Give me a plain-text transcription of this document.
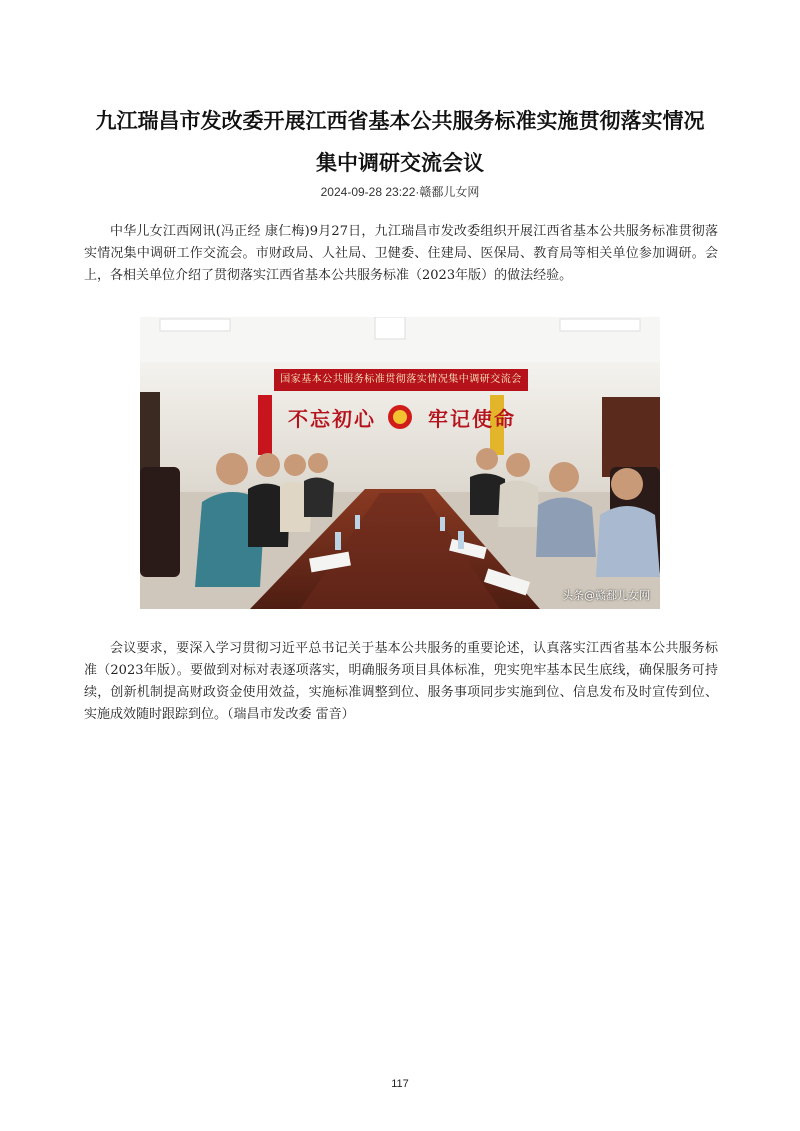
九江瑞昌市发改委开展江西省基本公共服务标准实施贯彻落实情况
集中调研交流会议
2024-09-28 23:22·赣鄱儿女网

中华儿女江西网讯(冯正经 康仁梅)9月27日，九江瑞昌市发改委组织开展江西省基本公共服务标准贯彻落实情况集中调研工作交流会。市财政局、人社局、卫健委、住建局、医保局、教育局等相关单位参加调研。会上，各相关单位介绍了贯彻落实江西省基本公共服务标准（2023年版）的做法经验。

国家基本公共服务标准贯彻落实情况集中调研交流会
不忘初心	牢记使命
头条@赣鄱儿女网

会议要求，要深入学习贯彻习近平总书记关于基本公共服务的重要论述，认真落实江西省基本公共服务标准（2023年版）。要做到对标对表逐项落实，明确服务项目具体标准，兜实兜牢基本民生底线，确保服务可持续，创新机制提高财政资金使用效益，实施标准调整到位、服务事项同步实施到位、信息发布及时宣传到位、实施成效随时跟踪到位。（瑞昌市发改委 雷音）

117
